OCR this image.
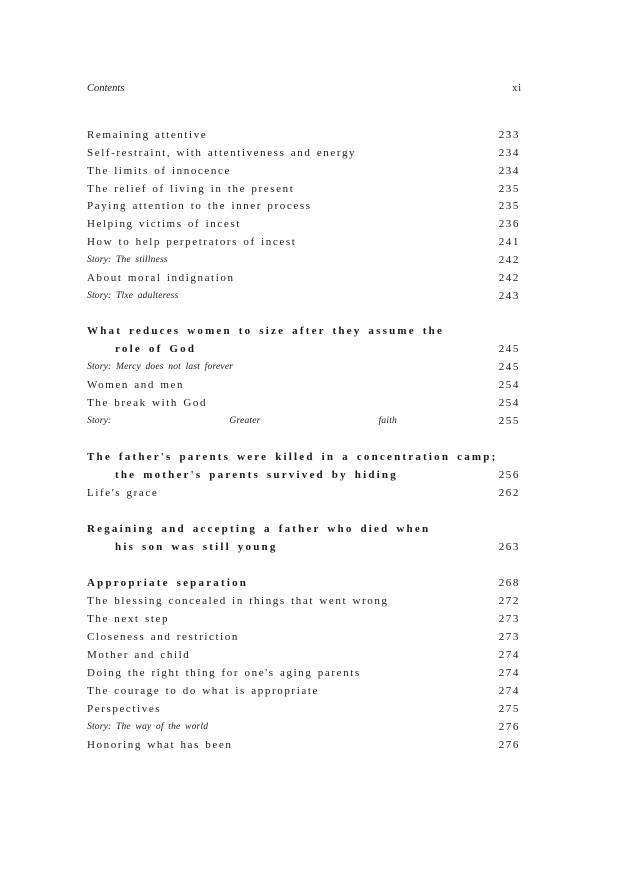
Contents	xi
Remaining attentive	233
Self-restraint, with attentiveness and energy	234
The limits of innocence	234
The relief of living in the present	235
Paying attention to the inner process	235
Helping victims of incest	236
How to help perpetrators of incest	241
Story: The stillness	242
About moral indignation	242
Story: Tlxe adulteress	243
What reduces women to size after they assume the
role of God	245
Story: Mercy does not last forever	245
Women and men	254
The break with God	254
Story:	Greater	faith	255
The father's parents were killed in a concentration camp;
the mother's parents survived by hiding	256
Life's grace	262
Regaining and accepting a father who died when
his son was still young	263
Appropriate separation	268
The blessing concealed in things that went wrong	272
The next step	273
Closeness and restriction	273
Mother and child	274
Doing the right thing for one's aging parents	274
The courage to do what is appropriate	274
Perspectives	275
Story: The way of the world	276
Honoring what has been	276
